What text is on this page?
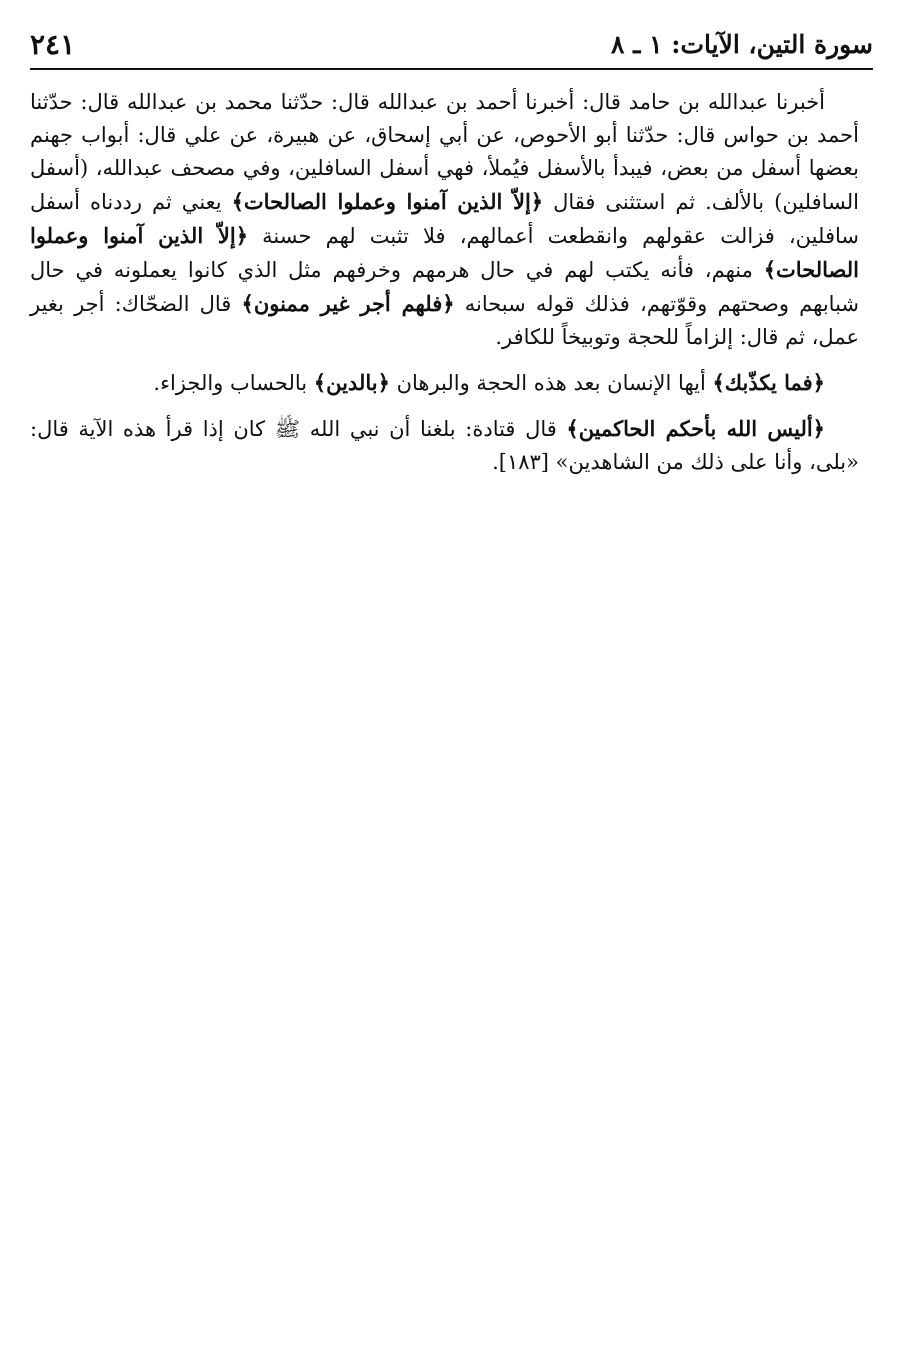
سورة التين، الآيات: ١ ـ ٨
٢٤١

أخبرنا عبدالله بن حامد قال: أخبرنا أحمد بن عبدالله قال: حدّثنا محمد بن عبدالله قال: حدّثنا أحمد بن حواس قال: حدّثنا أبو الأحوص، عن أبي إسحاق، عن هبيرة، عن علي قال: أبواب جهنم بعضها أسفل من بعض، فيبدأ بالأسفل فيُملأ، فهي أسفل السافلين، وفي مصحف عبدالله، (أسفل السافلين) بالألف. ثم استثنى فقال ﴿إلاّ الذين آمنوا وعملوا الصالحات﴾ يعني ثم رددناه أسفل سافلين، فزالت عقولهم وانقطعت أعمالهم، فلا تثبت لهم حسنة ﴿إلاّ الذين آمنوا وعملوا الصالحات﴾ منهم، فأنه يكتب لهم في حال هرمهم وخرفهم مثل الذي كانوا يعملونه في حال شبابهم وصحتهم وقوّتهم، فذلك قوله سبحانه ﴿فلهم أجر غير ممنون﴾ قال الضحّاك: أجر بغير عمل، ثم قال: إلزاماً للحجة وتوبيخاً للكافر.

﴿فما يكذّبك﴾ أيها الإنسان بعد هذه الحجة والبرهان ﴿بالدين﴾ بالحساب والجزاء.

﴿أليس الله بأحكم الحاكمين﴾ قال قتادة: بلغنا أن نبي الله ﷺ كان إذا قرأ هذه الآية قال: «بلى، وأنا على ذلك من الشاهدين» [١٨٣].
